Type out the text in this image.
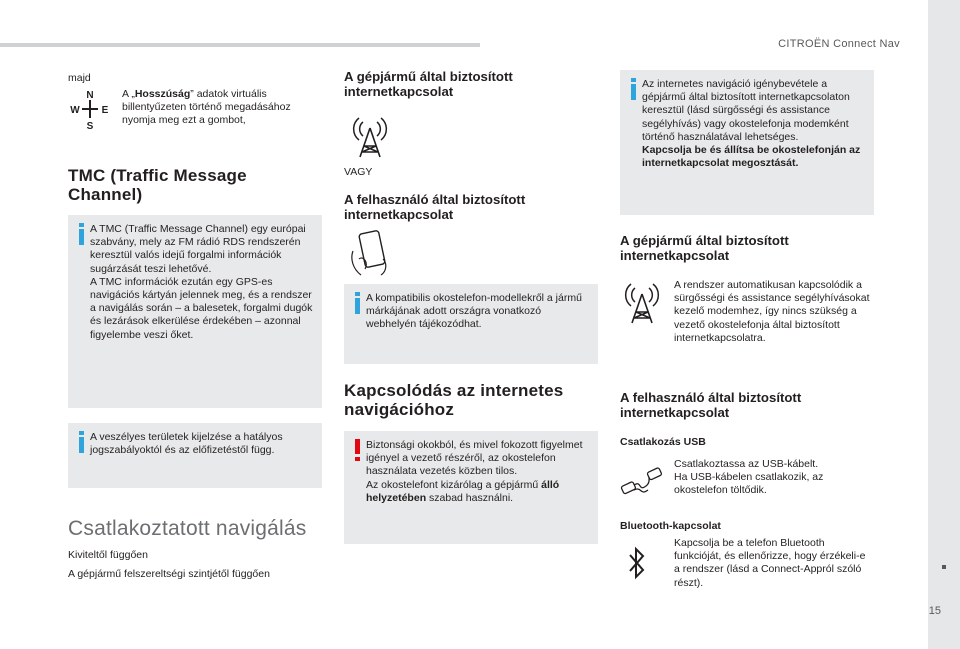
CITROËN Connect Nav
15
majd
N
W E
S
A „Hosszúság” adatok virtuális billentyűzeten történő megadásához nyomja meg ezt a gombot,
TMC (Traffic Message Channel)
A TMC (Traffic Message Channel) egy európai szabvány, mely az FM rádió RDS rendszerén keresztül valós idejű forgalmi információk sugárzását teszi lehetővé.
A TMC információk ezután egy GPS-es navigációs kártyán jelennek meg, és a rendszer a navigálás során – a balesetek, forgalmi dugók és lezárások elkerülése érdekében – azonnal figyelembe veszi őket.
A veszélyes területek kijelzése a hatályos jogszabályoktól és az előfizetéstől függ.
Csatlakoztatott navigálás
Kiviteltől függően
A gépjármű felszereltségi szintjétől függően
A gépjármű által biztosított internetkapcsolat
VAGY
A felhasználó által biztosított internetkapcsolat
A kompatibilis okostelefon-modellekről a jármű márkájának adott országra vonatkozó webhelyén tájékozódhat.
Kapcsolódás az internetes navigációhoz
Biztonsági okokból, és mivel fokozott figyelmet igényel a vezető részéről, az okostelefon használata vezetés közben tilos.
Az okostelefont kizárólag a gépjármű álló helyzetében szabad használni.
Az internetes navigáció igénybevétele a gépjármű által biztosított internetkapcsolaton keresztül (lásd sürgősségi és assistance segélyhívás) vagy okostelefonja modemként történő használatával lehetséges.
Kapcsolja be és állítsa be okostelefonján az internetkapcsolat megosztását.
A gépjármű által biztosított internetkapcsolat
A rendszer automatikusan kapcsolódik a sürgősségi és assistance segélyhívásokat kezelő modemhez, így nincs szükség a vezető okostelefonja által biztosított internetkapcsolatra.
A felhasználó által biztosított internetkapcsolat
Csatlakozás USB
Csatlakoztassa az USB-kábelt.
Ha USB-kábelen csatlakozik, az okostelefon töltődik.
Bluetooth-kapcsolat
Kapcsolja be a telefon Bluetooth funkcióját, és ellenőrizze, hogy érzékeli-e a rendszer (lásd a Connect-Appról szóló részt).
